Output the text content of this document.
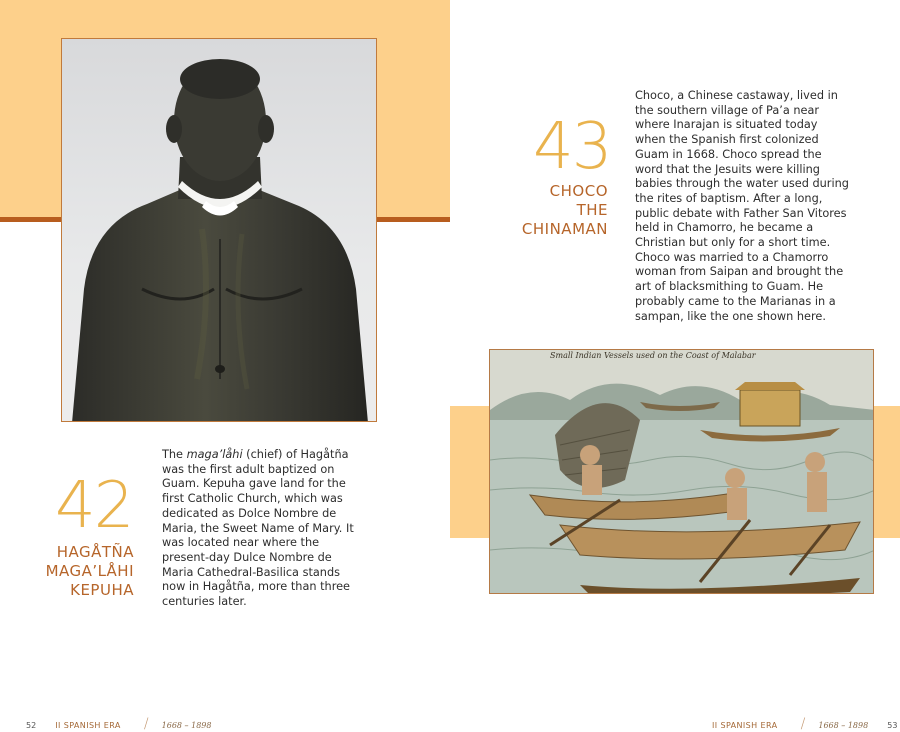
42
HAGÅTÑA
MAGA’LÅHI
KEPUHA

The maga’låhi (chief) of Hagåtña was the first adult baptized on Guam. Kepuha gave land for the first Catholic Church, which was dedicated as Dolce Nombre de Maria, the Sweet Name of Mary. It was located near where the present-day Dulce Nombre de Maria Cathedral-Basilica stands now in Hagåtña, more than three centuries later.

52 II SPANISH ERA / 1668 – 1898
43
CHOCO
THE
CHINAMAN

Choco, a Chinese castaway, lived in the southern village of Pa’a near where Inarajan is situated today when the Spanish first colonized Guam in 1668. Choco spread the word that the Jesuits were killing babies through the water used during the rites of baptism. After a long, public debate with Father San Vitores held in Chamorro, he became a Christian but only for a short time. Choco was married to a Chamorro woman from Saipan and brought the art of blacksmithing to Guam. He probably came to the Marianas in a sampan, like the one shown here.

Small Indian Vessels used on the Coast of Malabar
II SPANISH ERA / 1668 – 1898 53
